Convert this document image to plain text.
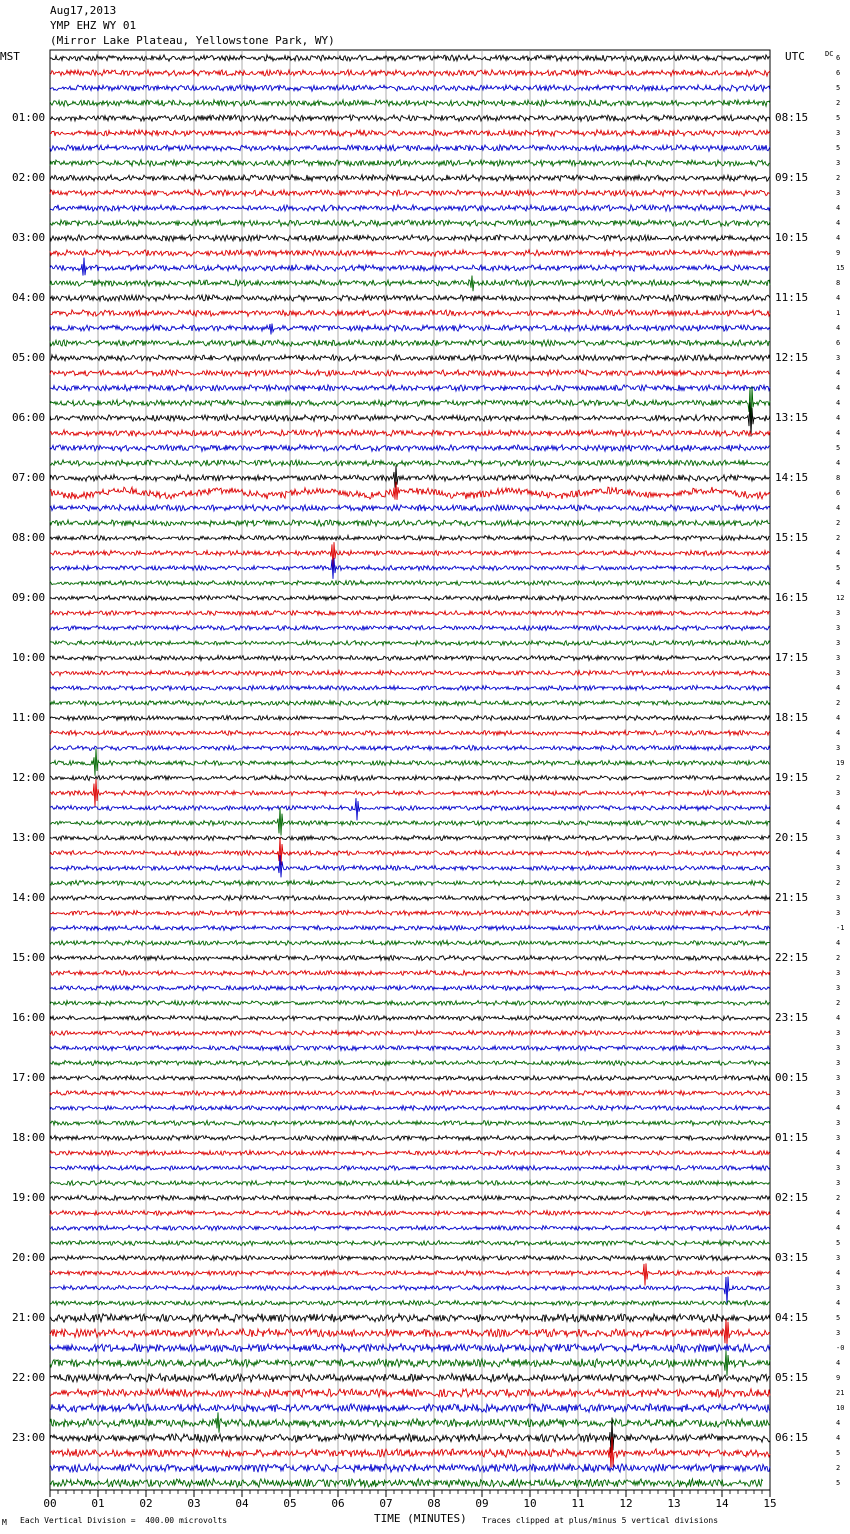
00	01	02	03	04	05	06	07	08	09	10	11	12	13	14	15
Aug17,2013
YMP EHZ WY 01
(Mirror Lake Plateau, Yellowstone Park, WY)
MST	UTC	DC
01:00
02:00
03:00
04:00
05:00
06:00
07:00
08:00
09:00
10:00
11:00
12:00
13:00
14:00
15:00
16:00
17:00
18:00
19:00
20:00
21:00
22:00
23:00
08:15
09:15
10:15
11:15
12:15
13:15
14:15
15:15
16:15
17:15
18:15
19:15
20:15
21:15
22:15
23:15
00:15
01:15
02:15
03:15
04:15
05:15
06:15
6
6
5
2
5
3
5
3
2
3
4
4
4
9
15
8
4
1
4
6
3
4
4
4
4
4
5
4
8
6
4
2
2
4
5
4
12
3
3
3
3
3
4
2
4
4
3
19
2
3
4
4
3
4
3
2
3
3
-1
4
2
3
3
2
4
3
3
3
3
3
4
3
3
4
3
3
2
4
4
5
3
4
3
4
5
3
-0
4
9
21
10
4
4
5
2
5
M Each Vertical Division =  400.00 microvolts	TIME (MINUTES) Traces clipped at plus/minus 5 vertical divisions
